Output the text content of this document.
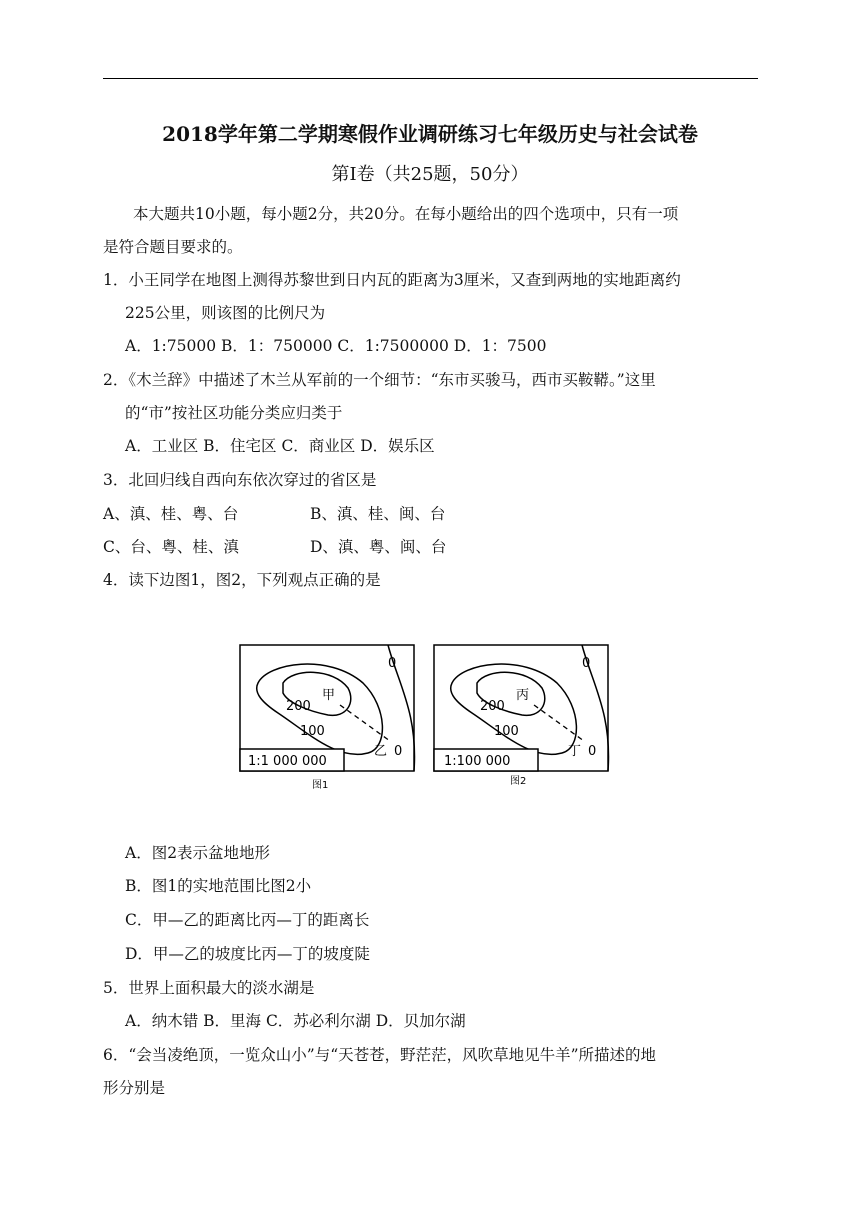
2018学年第二学期寒假作业调研练习七年级历史与社会试卷
第Ⅰ卷（共25题，50分）
本大题共10小题，每小题2分，共20分。在每小题给出的四个选项中，只有一项
是符合题目要求的。
1．小王同学在地图上测得苏黎世到日内瓦的距离为3厘米，又查到两地的实地距离约
225公里，则该图的比例尺为
A．1:75000 B．1：750000 C．1:7500000 D．1：7500
2．《木兰辞》中描述了木兰从军前的一个细节：“东市买骏马，西市买鞍鞯。”这里
的“市”按社区功能分类应归类于
A．工业区 B．住宅区 C．商业区 D．娱乐区
3．北回归线自西向东依次穿过的省区是
A、滇、桂、粤、台	B、滇、桂、闽、台
C、台、粤、桂、滇	D、滇、粤、闽、台
4．读下边图1，图2，下列观点正确的是
0
200
100
甲
乙 0
1:1 000 000
图1
0
200
100
丙
丁 0
1:100 000
图2
A．图2表示盆地地形
B．图1的实地范围比图2小
C．甲—乙的距离比丙—丁的距离长
D．甲—乙的坡度比丙—丁的坡度陡
5．世界上面积最大的淡水湖是
A．纳木错 B．里海 C．苏必利尔湖 D．贝加尔湖
6．“会当凌绝顶，一览众山小”与“天苍苍，野茫茫，风吹草地见牛羊”所描述的地
形分别是
